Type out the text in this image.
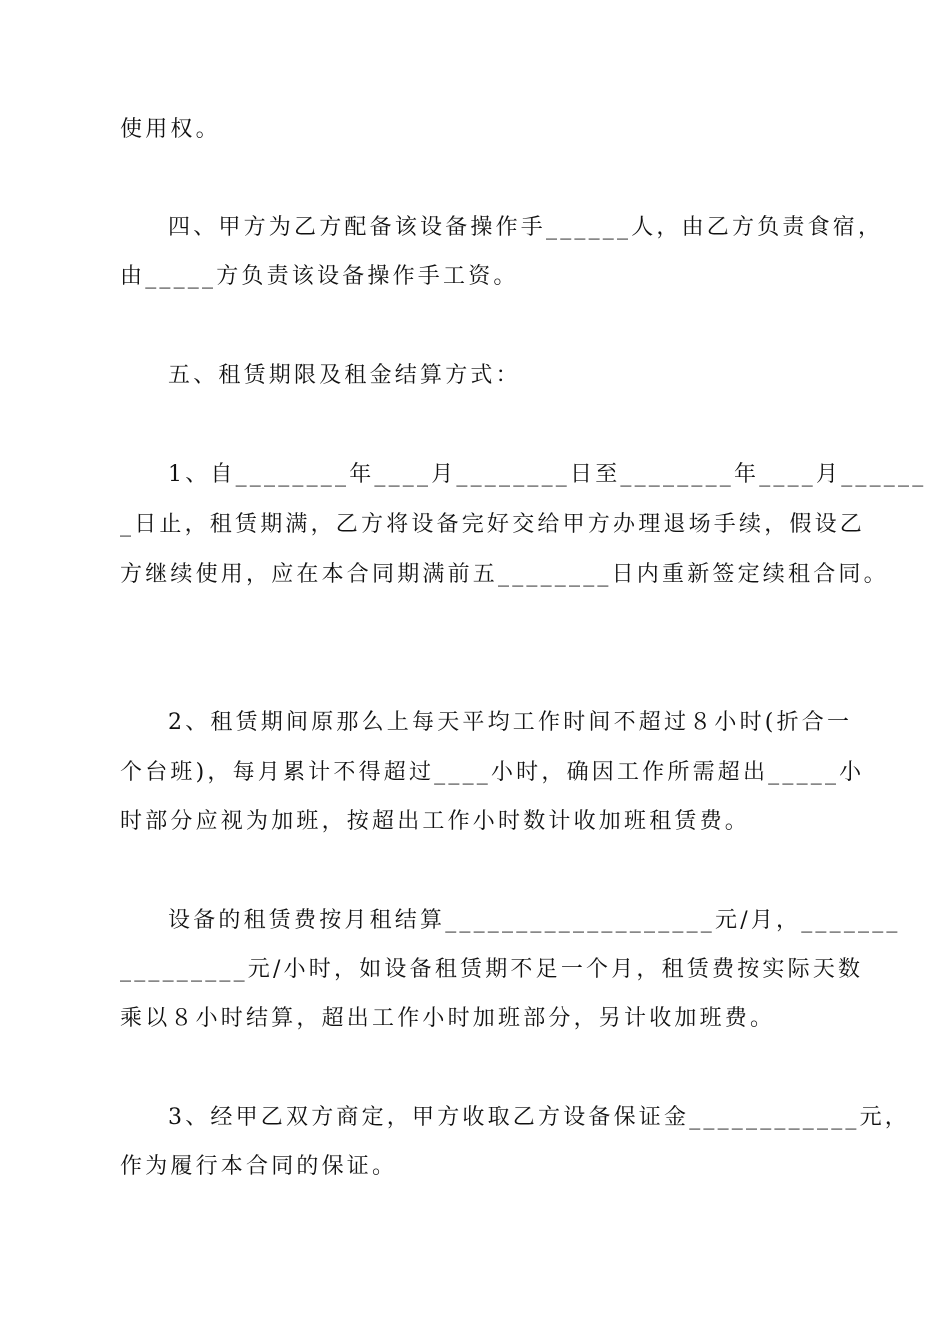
使用权。
四、甲方为乙方配备该设备操作手______人，由乙方负责食宿，
由_____方负责该设备操作手工资。
五、租赁期限及租金结算方式：
1、自________年____月________日至________年____月______
_日止，租赁期满，乙方将设备完好交给甲方办理退场手续，假设乙
方继续使用，应在本合同期满前五________日内重新签定续租合同。
2、租赁期间原那么上每天平均工作时间不超过８小时(折合一
个台班)，每月累计不得超过____小时，确因工作所需超出_____小
时部分应视为加班，按超出工作小时数计收加班租赁费。
设备的租赁费按月租结算___________________元/月，_______
_________元/小时，如设备租赁期不足一个月，租赁费按实际天数
乘以８小时结算，超出工作小时加班部分，另计收加班费。
3、经甲乙双方商定，甲方收取乙方设备保证金____________元，
作为履行本合同的保证。
